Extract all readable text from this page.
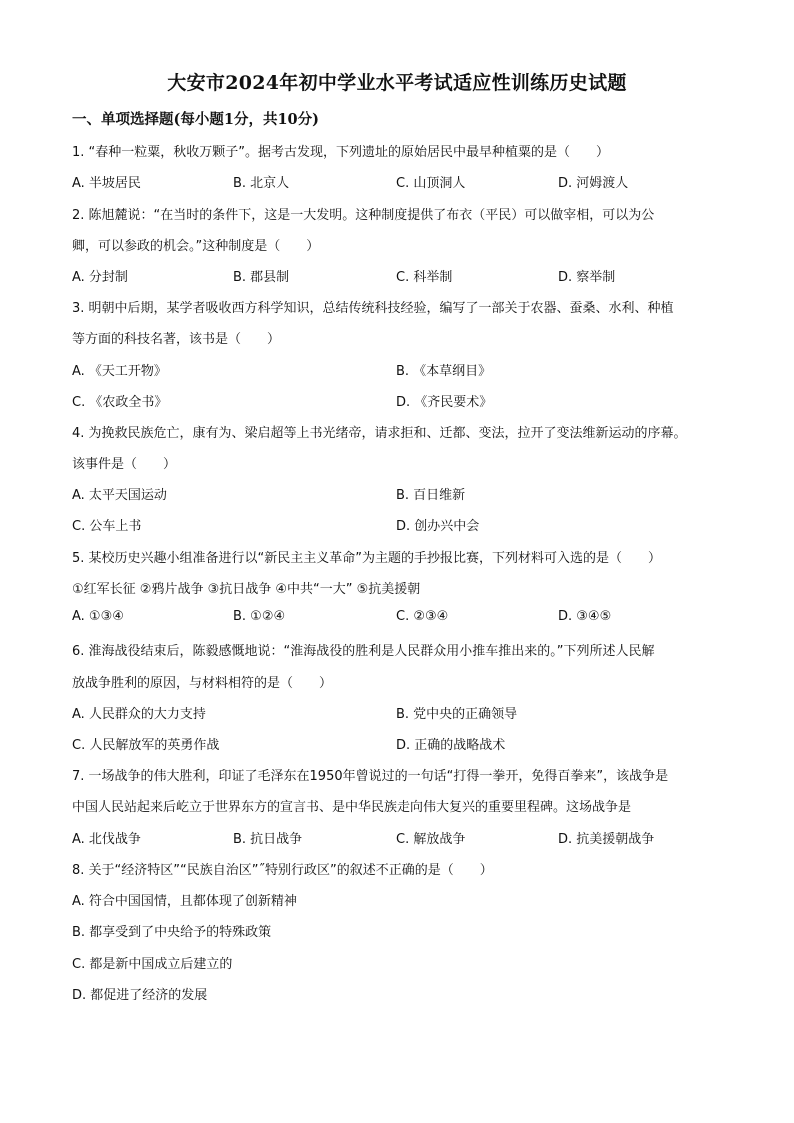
大安市2024年初中学业水平考试适应性训练历史试题
一、单项选择题(每小题1分，共10分)
1. “春种一粒粟，秋收万颗子”。据考古发现，下列遗址的原始居民中最早种植粟的是（　　）
A. 半坡居民	B. 北京人	C. 山顶洞人	D. 河姆渡人
2. 陈旭麓说：“在当时的条件下，这是一大发明。这种制度提供了布衣（平民）可以做宰相，可以为公
卿，可以参政的机会。”这种制度是（　　）
A. 分封制	B. 郡县制	C. 科举制	D. 察举制
3. 明朝中后期，某学者吸收西方科学知识，总结传统科技经验，编写了一部关于农器、蚕桑、水利、种植
等方面的科技名著，该书是（　　）
A. 《天工开物》	B. 《本草纲目》
C. 《农政全书》	D. 《齐民要术》
4. 为挽救民族危亡，康有为、梁启超等上书光绪帝，请求拒和、迁都、变法，拉开了变法维新运动的序幕。
该事件是（　　）
A. 太平天国运动	B. 百日维新
C. 公车上书	D. 创办兴中会
5. 某校历史兴趣小组准备进行以“新民主主义革命”为主题的手抄报比赛，下列材料可入选的是（　　）
①红军长征 ②鸦片战争 ③抗日战争 ④中共“一大” ⑤抗美援朝
A. ①③④	B. ①②④	C. ②③④	D. ③④⑤
6. 淮海战役结束后，陈毅感慨地说：“淮海战役的胜利是人民群众用小推车推出来的。”下列所述人民解
放战争胜利的原因，与材料相符的是（　　）
A. 人民群众的大力支持	B. 党中央的正确领导
C. 人民解放军的英勇作战	D. 正确的战略战术
7. 一场战争的伟大胜利，印证了毛泽东在1950年曾说过的一句话“打得一拳开，免得百拳来”，该战争是
中国人民站起来后屹立于世界东方的宣言书、是中华民族走向伟大复兴的重要里程碑。这场战争是
A. 北伐战争	B. 抗日战争	C. 解放战争	D. 抗美援朝战争
8. 关于“经济特区”“民族自治区”˝特别行政区”的叙述不正确的是（　　）
A. 符合中国国情，且都体现了创新精神
B. 都享受到了中央给予的特殊政策
C. 都是新中国成立后建立的
D. 都促进了经济的发展
